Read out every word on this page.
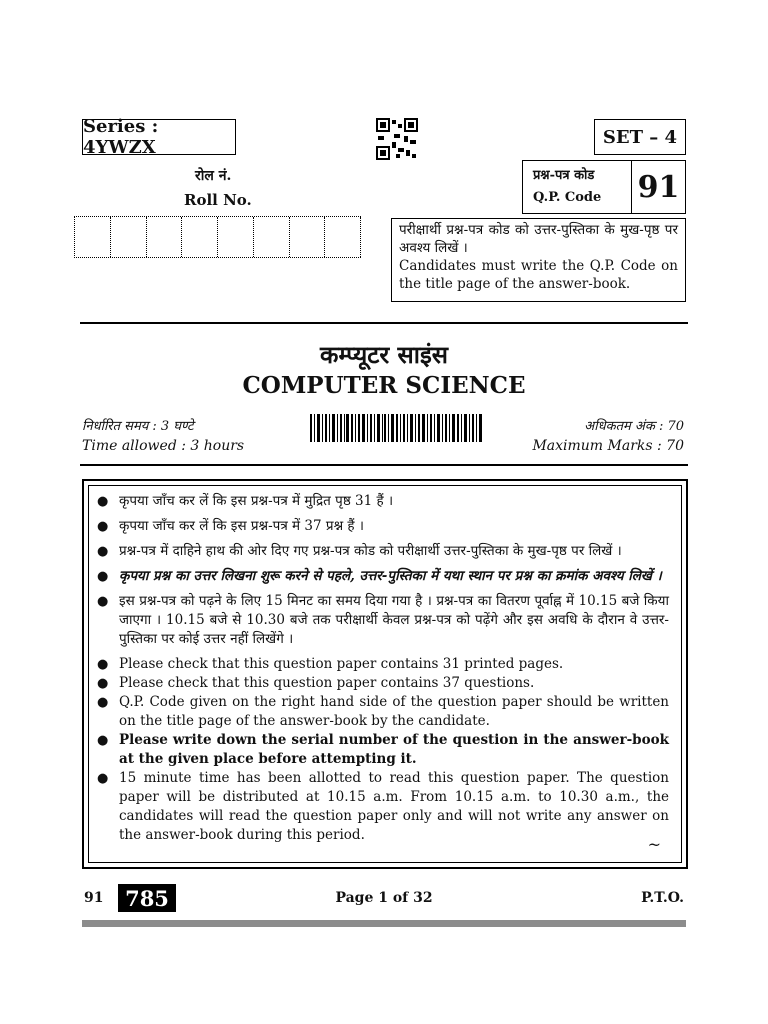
Series : 4YWZX	SET – 4
रोल नं.
Roll No.
प्रश्न-पत्र कोड
Q.P. Code	91
परीक्षार्थी प्रश्न-पत्र कोड को उत्तर-पुस्तिका के मुख-पृष्ठ पर अवश्य लिखें ।
Candidates must write the Q.P. Code on the title page of the answer-book.
कम्प्यूटर साइंस
COMPUTER SCIENCE
निर्धारित समय : 3 घण्टे
Time allowed : 3 hours
अधिकतम अंक : 70
Maximum Marks : 70
● कृपया जाँच कर लें कि इस प्रश्न-पत्र में मुद्रित पृष्ठ 31 हैं ।
● कृपया जाँच कर लें कि इस प्रश्न-पत्र में 37 प्रश्न हैं ।
● प्रश्न-पत्र में दाहिने हाथ की ओर दिए गए प्रश्न-पत्र कोड को परीक्षार्थी उत्तर-पुस्तिका के मुख-पृष्ठ पर लिखें ।
● कृपया प्रश्न का उत्तर लिखना शुरू करने से पहले, उत्तर-पुस्तिका में यथा स्थान पर प्रश्न का क्रमांक अवश्य लिखें ।
● इस प्रश्न-पत्र को पढ़ने के लिए 15 मिनट का समय दिया गया है । प्रश्न-पत्र का वितरण पूर्वाह्न में 10.15 बजे किया जाएगा । 10.15 बजे से 10.30 बजे तक परीक्षार्थी केवल प्रश्न-पत्र को पढ़ेंगे और इस अवधि के दौरान वे उत्तर-पुस्तिका पर कोई उत्तर नहीं लिखेंगे ।
● Please check that this question paper contains 31 printed pages.
● Please check that this question paper contains 37 questions.
● Q.P. Code given on the right hand side of the question paper should be written on the title page of the answer-book by the candidate.
● Please write down the serial number of the question in the answer-book at the given place before attempting it.
● 15 minute time has been allotted to read this question paper. The question paper will be distributed at 10.15 a.m. From 10.15 a.m. to 10.30 a.m., the candidates will read the question paper only and will not write any answer on the answer-book during this period.	~
91	785	Page 1 of 32	P.T.O.
